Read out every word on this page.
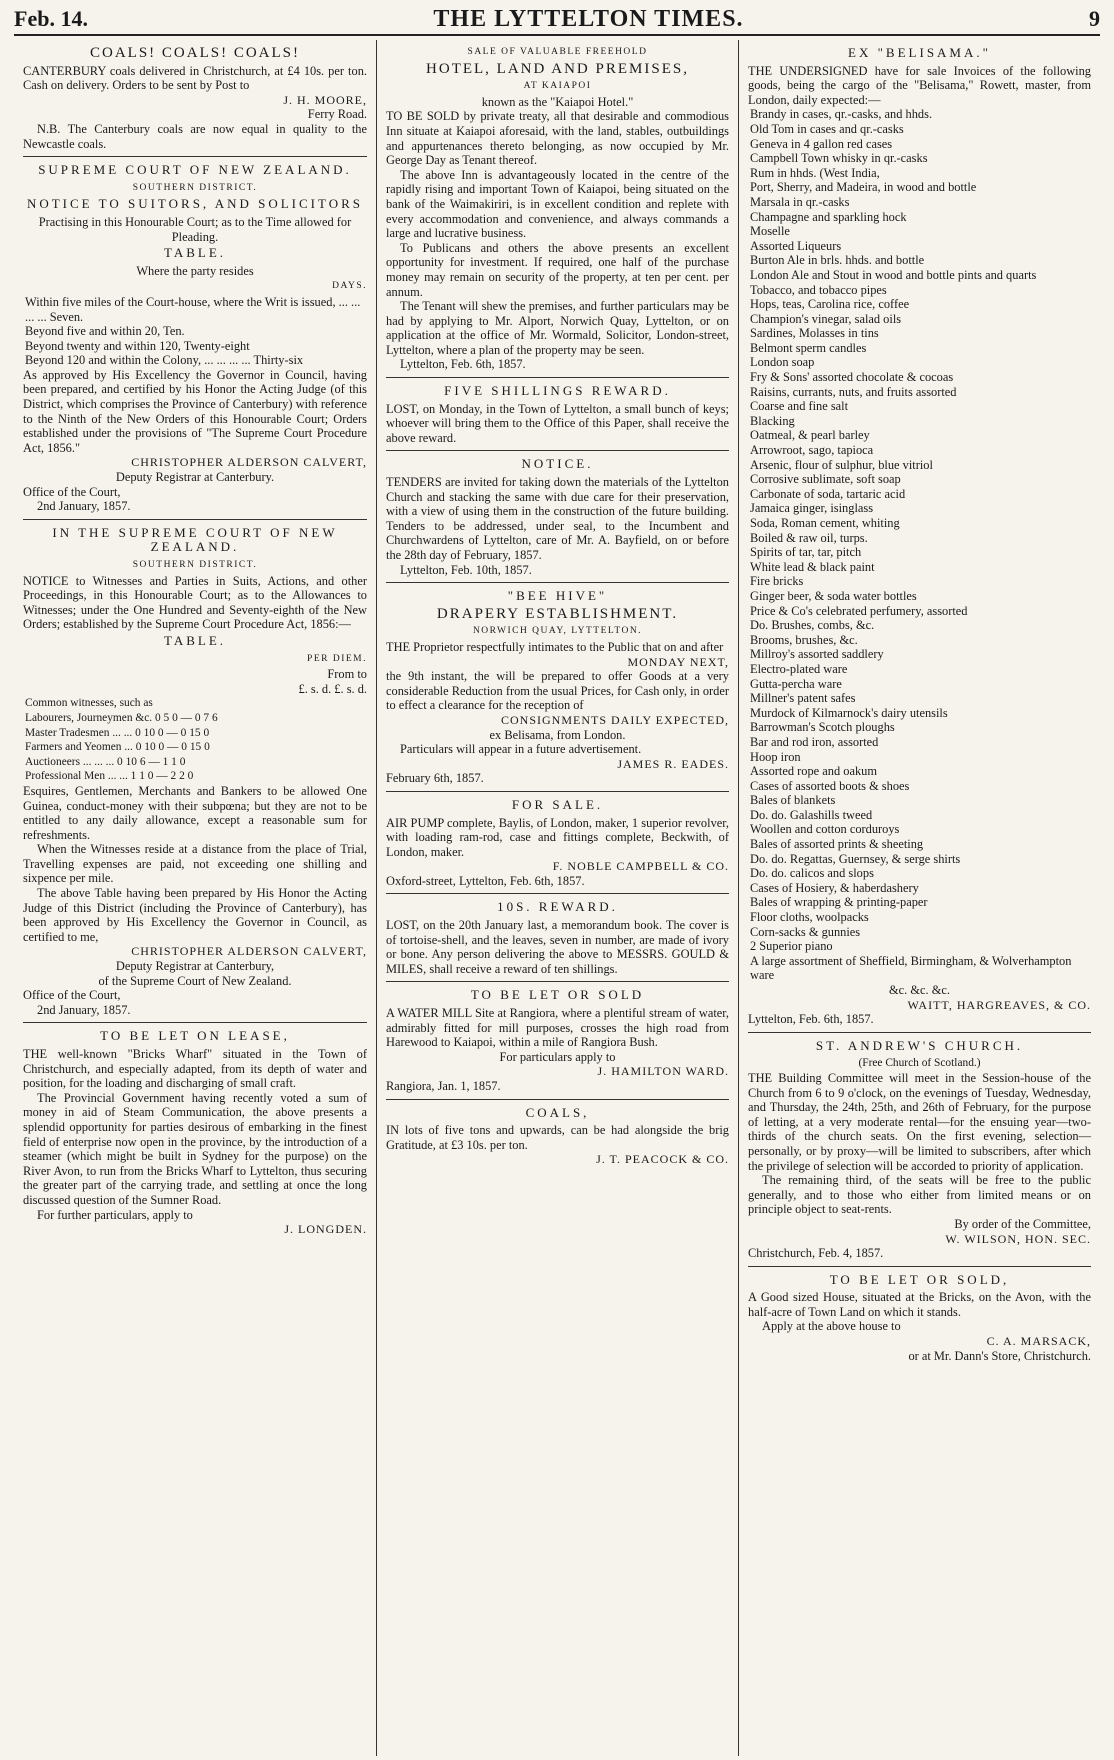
Feb. 14.	THE LYTTELTON TIMES.	9
COALS! COALS! COALS!

CANTERBURY coals delivered in Christchurch, at £4 10s. per ton. Cash on delivery. Orders to be sent by Post to

J. H. MOORE,
Ferry Road.

N.B. The Canterbury coals are now equal in quality to the Newcastle coals.

SUPREME COURT OF NEW ZEALAND.
SOUTHERN DISTRICT.
NOTICE TO SUITORS, AND SOLICITORS

Practising in this Honourable Court; as to the Time allowed for Pleading.

TABLE.
Where the party resides
DAYS.
Within five miles of the Court-house, where the Writ is issued, ... ... ... ... Seven.
Beyond five and within 20, Ten.
Beyond twenty and within 120, Twenty-eight
Beyond 120 and within the Colony, ... ... ... ... Thirty-six

As approved by His Excellency the Governor in Council, having been prepared, and certified by his Honor the Acting Judge (of this District, which comprises the Province of Canterbury) with reference to the Ninth of the New Orders of this Honourable Court; Orders established under the provisions of "The Supreme Court Procedure Act, 1856."

CHRISTOPHER ALDERSON CALVERT,
Deputy Registrar at Canterbury.
Office of the Court,
2nd January, 1857.
IN THE SUPREME COURT OF NEW ZEALAND.
SOUTHERN DISTRICT.

NOTICE to Witnesses and Parties in Suits, Actions, and other Proceedings, in this Honourable Court; as to the Allowances to Witnesses; under the One Hundred and Seventy-eighth of the New Orders; established by the Supreme Court Procedure Act, 1856:—

TABLE.
PER DIEM.
From to
£. s. d. £. s. d.
Common witnesses, such as
Labourers, Journeymen &c. 0 5 0 — 0 7 6
Master Tradesmen ... ... 0 10 0 — 0 15 0
Farmers and Yeomen ... 0 10 0 — 0 15 0
Auctioneers ... ... ... 0 10 6 — 1 1 0
Professional Men ... ... 1 1 0 — 2 2 0

Esquires, Gentlemen, Merchants and Bankers to be allowed One Guinea, conduct-money with their subpœna; but they are not to be entitled to any daily allowance, except a reasonable sum for refreshments.

When the Witnesses reside at a distance from the place of Trial, Travelling expenses are paid, not exceeding one shilling and sixpence per mile.

The above Table having been prepared by His Honor the Acting Judge of this District (including the Province of Canterbury), has been approved by His Excellency the Governor in Council, as certified to me,

CHRISTOPHER ALDERSON CALVERT,
Deputy Registrar at Canterbury,
of the Supreme Court of New Zealand.
Office of the Court,
2nd January, 1857.
TO BE LET ON LEASE,

THE well-known "Bricks Wharf" situated in the Town of Christchurch, and especially adapted, from its depth of water and position, for the loading and discharging of small craft.

The Provincial Government having recently voted a sum of money in aid of Steam Communication, the above presents a splendid opportunity for parties desirous of embarking in the finest field of enterprise now open in the province, by the introduction of a steamer (which might be built in Sydney for the purpose) on the River Avon, to run from the Bricks Wharf to Lyttelton, thus securing the greater part of the carrying trade, and settling at once the long discussed question of the Sumner Road.

For further particulars, apply to
J. LONGDEN.
SALE OF VALUABLE FREEHOLD
HOTEL, LAND AND PREMISES,
AT KAIAPOI
known as the "Kaiapoi Hotel."

TO BE SOLD by private treaty, all that desirable and commodious Inn situate at Kaiapoi aforesaid, with the land, stables, outbuildings and appurtenances thereto belonging, as now occupied by Mr. George Day as Tenant thereof.

The above Inn is advantageously located in the centre of the rapidly rising and important Town of Kaiapoi, being situated on the bank of the Waimakiriri, is in excellent condition and replete with every accommodation and convenience, and always commands a large and lucrative business.

To Publicans and others the above presents an excellent opportunity for investment. If required, one half of the purchase money may remain on security of the property, at ten per cent. per annum.

The Tenant will shew the premises, and further particulars may be had by applying to Mr. Alport, Norwich Quay, Lyttelton, or on application at the office of Mr. Wormald, Solicitor, London-street, Lyttelton, where a plan of the property may be seen.

Lyttelton, Feb. 6th, 1857.
FIVE SHILLINGS REWARD.

LOST, on Monday, in the Town of Lyttelton, a small bunch of keys; whoever will bring them to the Office of this Paper, shall receive the above reward.

NOTICE.

TENDERS are invited for taking down the materials of the Lyttelton Church and stacking the same with due care for their preservation, with a view of using them in the construction of the future building. Tenders to be addressed, under seal, to the Incumbent and Churchwardens of Lyttelton, care of Mr. A. Bayfield, on or before the 28th day of February, 1857.

Lyttelton, Feb. 10th, 1857.
"BEE HIVE"
DRAPERY ESTABLISHMENT.
NORWICH QUAY, LYTTELTON.

THE Proprietor respectfully intimates to the Public that on and after

MONDAY NEXT,

the 9th instant, the will be prepared to offer Goods at a very considerable Reduction from the usual Prices, for Cash only, in order to effect a clearance for the reception of

CONSIGNMENTS DAILY EXPECTED,
ex Belisama, from London.

Particulars will appear in a future advertisement.

JAMES R. EADES.
February 6th, 1857.
FOR SALE.

AIR PUMP complete, Baylis, of London, maker, 1 superior revolver, with loading ram-rod, case and fittings complete, Beckwith, of London, maker.

F. NOBLE CAMPBELL & CO.
Oxford-street, Lyttelton, Feb. 6th, 1857.
10S. REWARD.

LOST, on the 20th January last, a memorandum book. The cover is of tortoise-shell, and the leaves, seven in number, are made of ivory or bone. Any person delivering the above to MESSRS. GOULD & MILES, shall receive a reward of ten shillings.

TO BE LET OR SOLD

A WATER MILL Site at Rangiora, where a plentiful stream of water, admirably fitted for mill purposes, crosses the high road from Harewood to Kaiapoi, within a mile of Rangiora Bush.

For particulars apply to
J. HAMILTON WARD.
Rangiora, Jan. 1, 1857.
COALS,

IN lots of five tons and upwards, can be had alongside the brig Gratitude, at £3 10s. per ton.

J. T. PEACOCK & CO.
EX "BELISAMA."

THE UNDERSIGNED have for sale Invoices of the following goods, being the cargo of the "Belisama," Rowett, master, from London, daily expected:—

Brandy in cases, qr.-casks, and hhds.
Old Tom in cases and qr.-casks
Geneva in 4 gallon red cases
Campbell Town whisky in qr.-casks
Rum in hhds. (West India,
Port, Sherry, and Madeira, in wood and bottle
Marsala in qr.-casks
Champagne and sparkling hock
Moselle
Assorted Liqueurs
Burton Ale in brls. hhds. and bottle
London Ale and Stout in wood and bottle pints and quarts
Tobacco, and tobacco pipes
Hops, teas, Carolina rice, coffee
Champion's vinegar, salad oils
Sardines, Molasses in tins
Belmont sperm candles
London soap
Fry & Sons' assorted chocolate & cocoas
Raisins, currants, nuts, and fruits assorted
Coarse and fine salt
Blacking
Oatmeal, & pearl barley
Arrowroot, sago, tapioca
Arsenic, flour of sulphur, blue vitriol
Corrosive sublimate, soft soap
Carbonate of soda, tartaric acid
Jamaica ginger, isinglass
Soda, Roman cement, whiting
Boiled & raw oil, turps.
Spirits of tar, tar, pitch
White lead & black paint
Fire bricks
Ginger beer, & soda water bottles
Price & Co's celebrated perfumery, assorted
Do. Brushes, combs, &c.
Brooms, brushes, &c.
Millroy's assorted saddlery
Electro-plated ware
Gutta-percha ware
Millner's patent safes
Murdock of Kilmarnock's dairy utensils
Barrowman's Scotch ploughs
Bar and rod iron, assorted
Hoop iron
Assorted rope and oakum
Cases of assorted boots & shoes
Bales of blankets
Do. do. Galashills tweed
Woollen and cotton corduroys
Bales of assorted prints & sheeting
Do. do. Regattas, Guernsey, & serge shirts
Do. do. calicos and slops
Cases of Hosiery, & haberdashery
Bales of wrapping & printing-paper
Floor cloths, woolpacks
Corn-sacks & gunnies
2 Superior piano
A large assortment of Sheffield, Birmingham, & Wolverhampton ware
&c. &c. &c.
WAITT, HARGREAVES, & CO.
Lyttelton, Feb. 6th, 1857.
ST. ANDREW'S CHURCH.
(Free Church of Scotland.)

THE Building Committee will meet in the Session-house of the Church from 6 to 9 o'clock, on the evenings of Tuesday, Wednesday, and Thursday, the 24th, 25th, and 26th of February, for the purpose of letting, at a very moderate rental—for the ensuing year—two-thirds of the church seats. On the first evening, selection—personally, or by proxy—will be limited to subscribers, after which the privilege of selection will be accorded to priority of application.

The remaining third, of the seats will be free to the public generally, and to those who either from limited means or on principle object to seat-rents.

By order of the Committee,
W. WILSON, HON. SEC.
Christchurch, Feb. 4, 1857.
TO BE LET OR SOLD,

A Good sized House, situated at the Bricks, on the Avon, with the half-acre of Town Land on which it stands.

Apply at the above house to
C. A. MARSACK,
or at Mr. Dann's Store, Christchurch.
